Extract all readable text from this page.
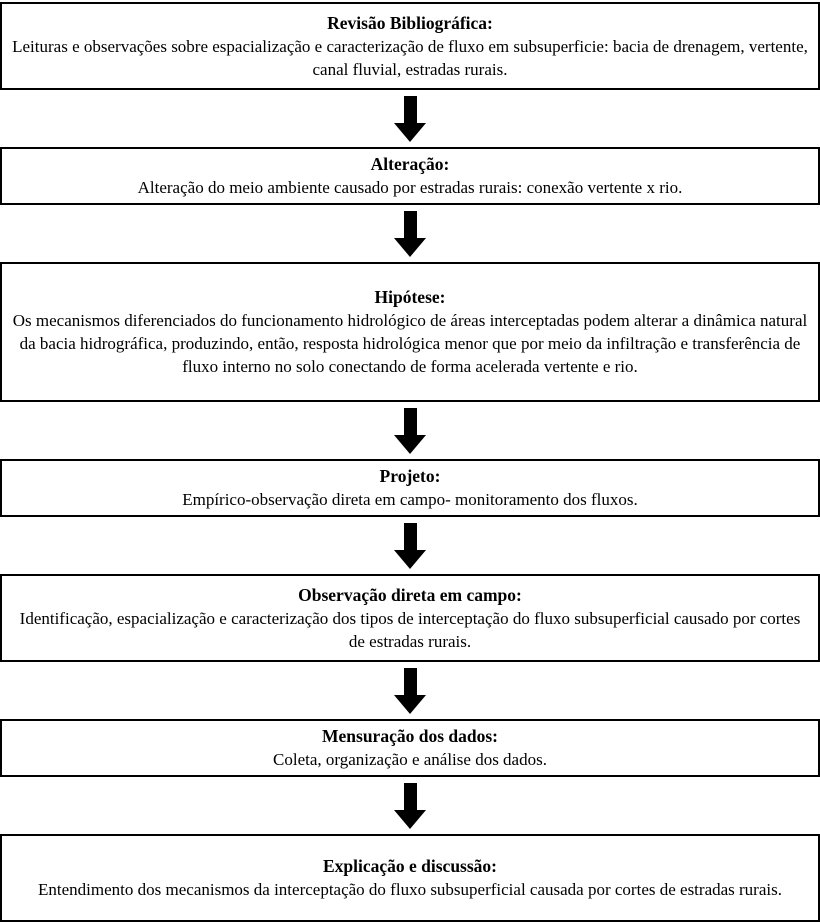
Revisão Bibliográfica:
Leituras e observações sobre espacialização e caracterização de fluxo em subsuperficie: bacia de drenagem, vertente, canal fluvial, estradas rurais.
Alteração:
Alteração do meio ambiente causado por estradas rurais: conexão vertente x rio.
Hipótese:
Os mecanismos diferenciados do funcionamento hidrológico de áreas interceptadas podem alterar a dinâmica natural da bacia hidrográfica, produzindo, então, resposta hidrológica menor que por meio da infiltração e transferência de fluxo interno no solo conectando de forma acelerada vertente e rio.
Projeto:
Empírico-observação direta em campo- monitoramento dos fluxos.
Observação direta em campo:
Identificação, espacialização e caracterização dos tipos de interceptação do fluxo subsuperficial causado por cortes de estradas rurais.
Mensuração dos dados:
Coleta, organização e análise dos dados.
Explicação e discussão:
Entendimento dos mecanismos da interceptação do fluxo subsuperficial causada por cortes de estradas rurais.
